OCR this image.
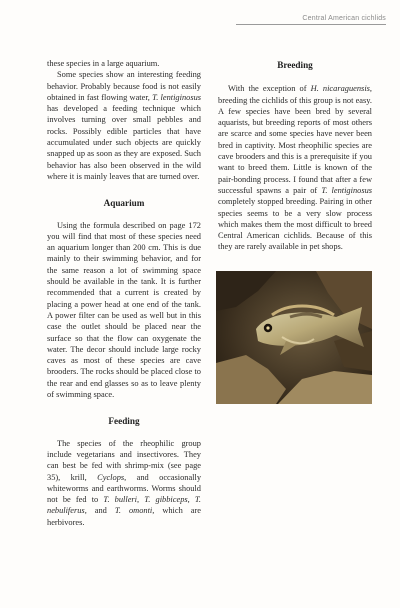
Central American cichlids

these species in a large aquarium.

Some species show an interesting feeding behavior. Probably because food is not easily obtained in fast flowing water, T. lentiginosus has developed a feeding technique which involves turning over small pebbles and rocks. Possibly edible particles that have accumulated under such objects are quickly snapped up as soon as they are exposed. Such behavior has also been observed in the wild where it is mainly leaves that are turned over.

Aquarium

Using the formula described on page 172 you will find that most of these species need an aquarium longer than 200 cm. This is due mainly to their swimming behavior, and for the same reason a lot of swimming space should be available in the tank. It is further recommended that a current is created by placing a power head at one end of the tank. A power filter can be used as well but in this case the outlet should be placed near the surface so that the flow can oxygenate the water. The decor should include large rocky caves as most of these species are cave brooders. The rocks should be placed close to the rear and end glasses so as to leave plenty of swimming space.

Feeding

The species of the rheophilic group include vegetarians and insectivores. They can best be fed with shrimp-mix (see page 35), krill, Cyclops, and occasionally whiteworms and earthworms. Worms should not be fed to T. bulleri, T. gibbiceps, T. nebuliferus, and T. omonti, which are herbivores.

Breeding

With the exception of H. nicaraguensis, breeding the cichlids of this group is not easy. A few species have been bred by several aquarists, but breeding reports of most others are scarce and some species have never been bred in captivity. Most rheophilic species are cave brooders and this is a prerequisite if you want to breed them. Little is known of the pair-bonding process. I found that after a few successful spawns a pair of T. lentiginosus completely stopped breeding. Pairing in other species seems to be a very slow process which makes them the most difficult to breed Central American cichlids. Because of this they are rarely available in pet shops.
